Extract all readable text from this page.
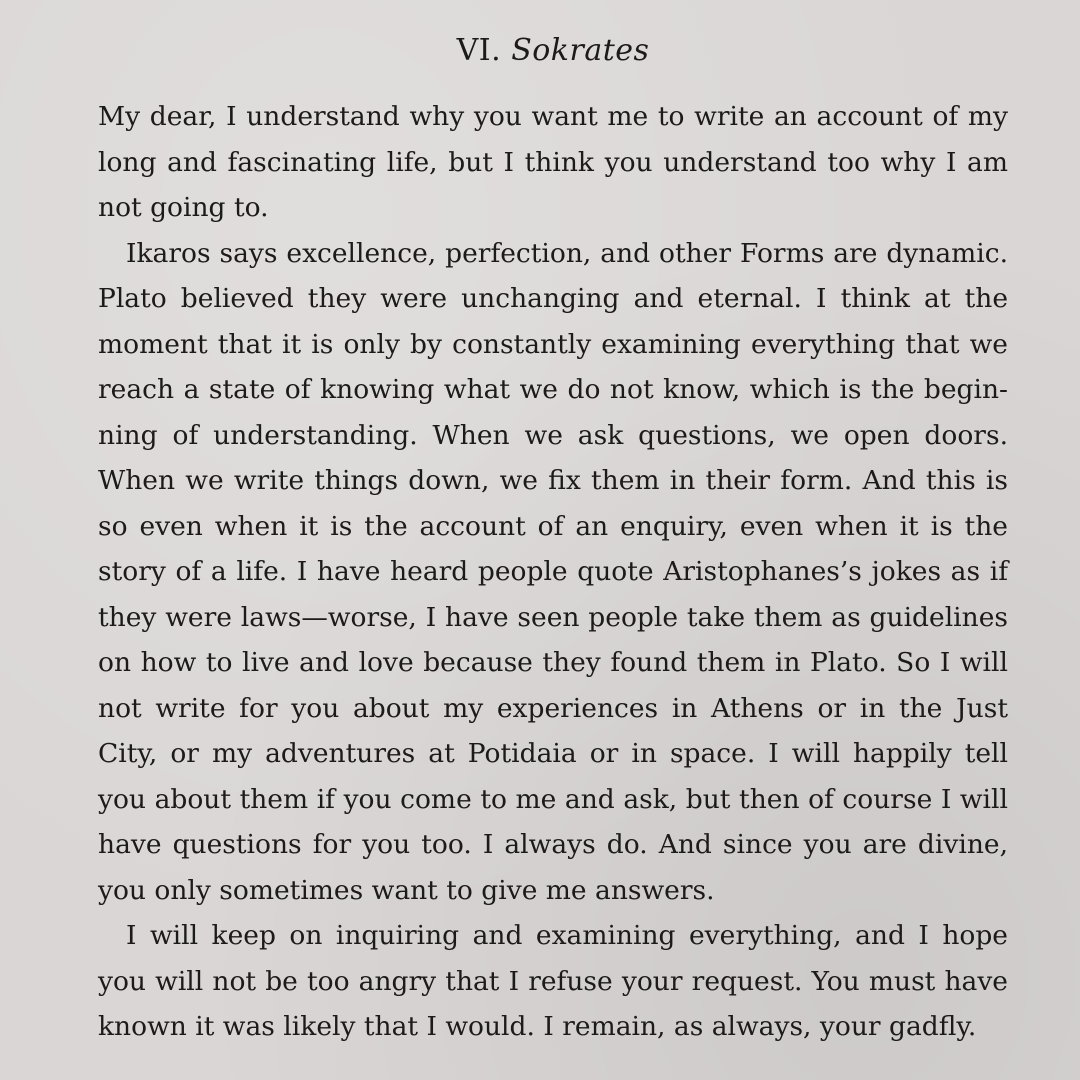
VI. Sokrates

My dear, I understand why you want me to write an account of my long and fascinating life, but I think you understand too why I am not going to.

Ikaros says excellence, perfection, and other Forms are dynamic. Plato believed they were unchanging and eternal. I think at the moment that it is only by constantly examining everything that we reach a state of knowing what we do not know, which is the beginning of understanding. When we ask questions, we open doors. When we write things down, we fix them in their form. And this is so even when it is the account of an enquiry, even when it is the story of a life. I have heard people quote Aristophanes’s jokes as if they were laws—worse, I have seen people take them as guidelines on how to live and love because they found them in Plato. So I will not write for you about my experiences in Athens or in the Just City, or my adventures at Potidaia or in space. I will happily tell you about them if you come to me and ask, but then of course I will have questions for you too. I always do. And since you are divine, you only sometimes want to give me answers.

I will keep on inquiring and examining everything, and I hope you will not be too angry that I refuse your request. You must have known it was likely that I would. I remain, as always, your gadfly.
